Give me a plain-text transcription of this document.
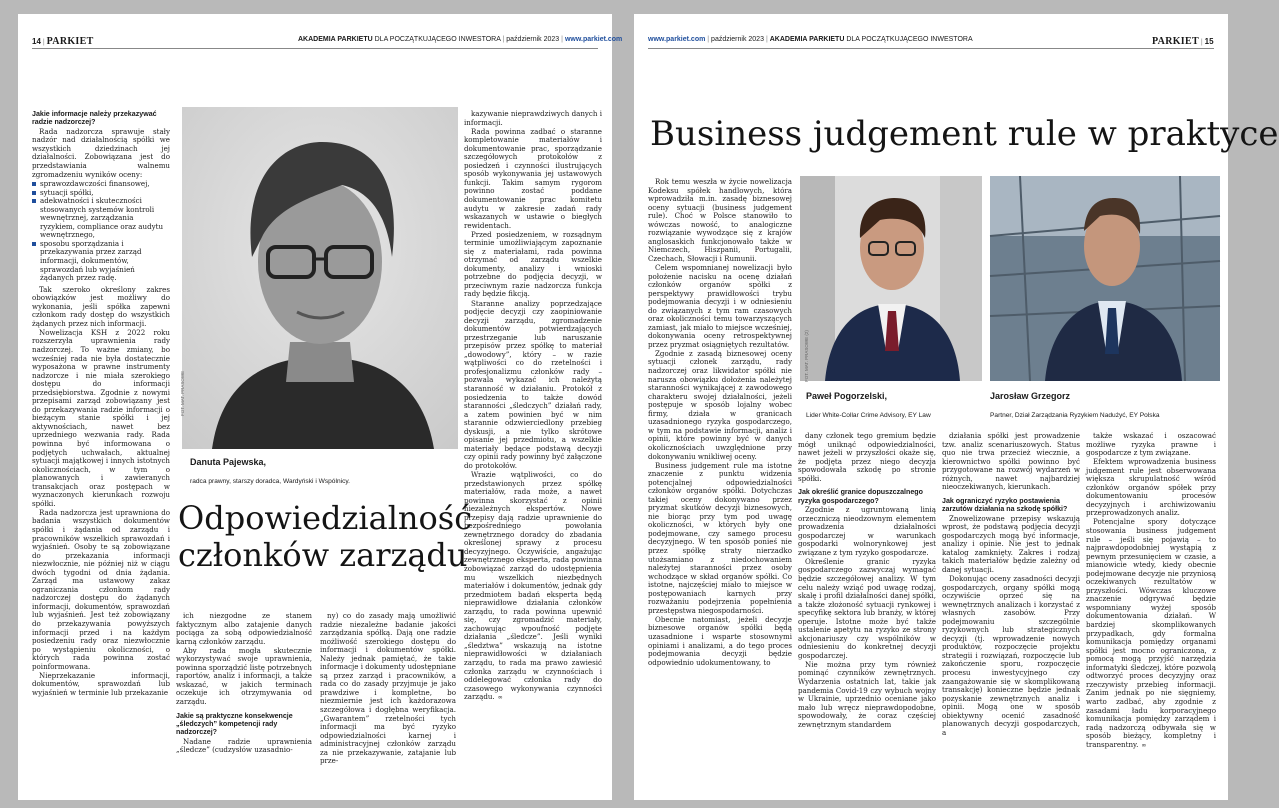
14 | PARKIET	AKADEMIA PARKIETU DLA POCZĄTKUJĄCEGO INWESTORA | październik 2023 | www.parkiet.com
Jakie informacje należy przekazywać radzie nadzorczej?

Rada nadzorcza sprawuje stały nadzór nad działalnością spółki we wszystkich dziedzinach jej działalności. Zobowiązana jest do przedstawiania walnemu zgromadzeniu wyników oceny:

sprawozdawczości finansowej,
sytuacji spółki,
adekwatności i skuteczności stosowanych systemów kontroli wewnętrznej, zarządzania ryzykiem, compliance oraz audytu wewnętrznego,
sposobu sporządzania i przekazywania przez zarząd informacji, dokumentów, sprawozdań lub wyjaśnień żądanych przez radę.

Tak szeroko określony zakres obowiązków jest możliwy do wykonania, jeśli spółka zapewni członkom rady dostęp do wszystkich żądanych przez nich informacji.

Nowelizacja KSH z 2022 roku rozszerzyła uprawnienia rady nadzorczej. To ważne zmiany, bo wcześniej rada nie była dostatecznie wyposażona w prawne instrumenty nadzorcze i nie miała szerokiego dostępu do informacji przedsiębiorstwa. Zgodnie z nowymi przepisami zarząd zobowiązany jest do przekazywania radzie informacji o bieżącym stanie spółki i jej aktywnościach, nawet bez uprzedniego wezwania rady. Rada powinna być informowana o podjętych uchwałach, aktualnej sytuacji majątkowej i innych istotnych okolicznościach, w tym o planowanych i zawieranych transakcjach oraz postępach w wyznaczonych kierunkach rozwoju spółki.

Rada nadzorcza jest uprawniona do badania wszystkich dokumentów spółki i żądania od zarządu i pracowników wszelkich sprawozdań i wyjaśnień. Osoby te są zobowiązane do przekazania informacji niezwłocznie, nie później niż w ciągu dwóch tygodni od dnia żądania. Zarząd ma ustawowy zakaz ograniczania członkom rady nadzorczej dostępu do żądanych informacji, dokumentów, sprawozdań lub wyjaśnień. Jest też zobowiązany do przekazywania powyższych informacji przed i na każdym posiedzeniu rady oraz niezwłocznie po wystąpieniu okoliczności, o których rada powinna zostać poinformowana.

Nieprzekazanie informacji, dokumentów, sprawozdań lub wyjaśnień w terminie lub przekazanie

FOT. MAT. PRASOWE
Danuta Pajewska,
radca prawny, starszy doradca, Wardyński i Wspólnicy.
Odpowiedzialność
członków zarządu

ich niezgodne ze stanem faktycznym albo zatajenie danych pociąga za sobą odpowiedzialność karną członków zarządu.

Aby rada mogła skutecznie wykorzystywać swoje uprawnienia, powinna sporządzić listę potrzebnych raportów, analiz i informacji, a także wskazać, w jakich terminach oczekuje ich otrzymywania od zarządu.

Jakie są praktyczne konsekwencje „śledczych” kompetencji rady nadzorczej?

Nadane radzie uprawnienia „śledcze” (cudzysłów uzasadnio-

ny) co do zasady mają umożliwić radzie niezależne badanie jakości zarządzania spółką. Dają one radzie możliwość szerokiego dostępu do informacji i dokumentów spółki. Należy jednak pamiętać, że takie informacje i dokumenty udostępniane są przez zarząd i pracowników, a rada co do zasady przyjmuje je jako prawdziwe i kompletne, bo niezmiernie jest ich każdorazowa szczegółowa i dogłębna weryfikacja. „Gwarantem” rzetelności tych informacji ma być ryzyko odpowiedzialności karnej i administracyjnej członków zarządu za nie przekazywanie, zatajanie lub prze-

kazywanie nieprawdziwych danych i informacji.

Rada powinna zadbać o staranne kompletowanie materiałów i dokumentowanie prac, sporządzanie szczegółowych protokołów z posiedzeń i czynności ilustrujących sposób wykonywania jej ustawowych funkcji. Takim samym rygorom powinno zostać poddane dokumentowanie prac komitetu audytu w zakresie zadań rady wskazanych w ustawie o biegłych rewidentach.

Przed posiedzeniem, w rozsądnym terminie umożliwiającym zapoznanie się z materiałami, rada powinna otrzymać od zarządu wszelkie dokumenty, analizy i wnioski potrzebne do podjęcia decyzji, w przeciwnym razie nadzorcza funkcja rady będzie fikcją.

Staranne analizy poprzedzające podjęcie decyzji czy zaopiniowanie decyzji zarządu, zgromadzenie dokumentów potwierdzających przestrzeganie lub naruszanie przepisów przez spółkę to materiał „dowodowy”, który – w razie wątpliwości co do rzetelności i profesjonalizmu członków rady – pozwala wykazać ich należytą staranność w działaniu. Protokół z posiedzenia to także dowód staranności „śledczych” działań rady, a zatem powinien być w nim starannie odzwierciedlony przebieg dyskusji, a nie tylko skrótowe opisanie jej przedmiotu, a wszelkie materiały będące podstawą decyzji czy opinii rady powinny być załączone do protokołów.

Wrazie wątpliwości, co do przedstawionych przez spółkę materiałów, rada może, a nawet powinna skorzystać z opinii niezależnych ekspertów. Nowe przepisy dają radzie uprawnienie do bezpośredniego powołania zewnętrznego doradcy do zbadania określonej sprawy z procesu decyzyjnego. Oczywiście, angażując zewnętrznego eksperta, rada powinna zobowiązać zarząd do udostępnienia mu wszelkich niezbędnych materiałów i dokumentów, jednak gdy przedmiotem badań eksperta będą nieprawidłowe działania członków zarządu, to rada powinna upewnić się, czy zgromadzić materiały, zachowując wpoufność podjęte działania „śledcze”. Jeśli wyniki „śledztwa” wskazują na istotne nieprawidłowości w działaniach zarządu, to rada ma prawo zawiesić członka zarządu w czynnościach i oddelegować członka rady do czasowego wykonywania czynności zarządu. ∞

www.parkiet.com | październik 2023 | AKADEMIA PARKIETU DLA POCZĄTKUJĄCEGO INWESTORA	PARKIET | 15
Business judgement rule w praktyce
FOT. MAT. PRASOWE (2)
Paweł Pogorzelski,
Lider White-Collar Crime Advisory, EY Law
Jarosław Grzegorz
Partner, Dział Zarządzania Ryzykiem Nadużyć, EY Polska

Rok temu weszła w życie nowelizacja Kodeksu spółek handlowych, która wprowadziła m.in. zasadę biznesowej oceny sytuacji (business judgement rule). Choć w Polsce stanowiło to wówczas nowość, to analogiczne rozwiązanie wywodzące się z krajów anglosaskich funkcjonowało także w Niemczech, Hiszpanii, Portugalii, Czechach, Słowacji i Rumunii.

Celem wspomnianej nowelizacji było położenie nacisku na ocenę działań członków organów spółki z perspektywy prawidłowości trybu podejmowania decyzji i w odniesieniu do związanych z tym ram czasowych oraz okoliczności temu towarzyszących zamiast, jak miało to miejsce wcześniej, dokonywania oceny retrospektywnej przez pryzmat osiągniętych rezultatów.

Zgodnie z zasadą biznesowej oceny sytuacji członek zarządu, rady nadzorczej oraz likwidator spółki nie narusza obowiązku dołożenia należytej staranności wynikającej z zawodowego charakteru swojej działalności, jeżeli postępuje w sposób lojalny wobec firmy, działa w granicach uzasadnionego ryzyka gospodarczego, w tym na podstawie informacji, analiz i opinii, które powinny być w danych okolicznościach uwzględnione przy dokonywaniu wnikliwej oceny.

Business judgement rule ma istotne znaczenie z punktu widzenia potencjalnej odpowiedzialności członków organów spółki. Dotychczas takiej oceny dokonywano przez pryzmat skutków decyzji biznesowych, nie biorąc przy tym pod uwagę okoliczności, w których były one podejmowane, czy samego procesu decyzyjnego. W ten sposób ponieś nie przez spółkę straty nierzadko utożsamiano z niedochowaniem należytej staranności przez osoby wchodzące w skład organów spółki. Co istotne, najczęściej miało to miejsce w postępowaniach karnych przy rozważaniu podejrzenia popełnienia przestępstwa niegospodarności.

Obecnie natomiast, jeżeli decyzje biznesowe organów spółki będą uzasadnione i wsparte stosownymi opiniami i analizami, a do tego proces podejmowania decyzji będzie odpowiednio udokumentowany, to

dany członek tego gremium będzie mógł uniknąć odpowiedzialności, nawet jeżeli w przyszłości okaże się, że podjęta przez niego decyzja spowodowała szkodę po stronie spółki.

Jak określić granice dopuszczalnego ryzyka gospodarczego?

Zgodnie z ugruntowaną linią orzeczniczą nieodzownym elementem prowadzenia działalności gospodarczej w warunkach gospodarki wolnorynkowej jest związane z tym ryzyko gospodarcze.

Określenie granic ryzyka gospodarczego zazwyczaj wymagać będzie szczegółowej analizy. W tym celu należy wziąć pod uwagę rodzaj, skalę i profil działalności danej spółki, a także złożoność sytuacji rynkowej i specyfikę sektora lub branży, w której operuje. Istotne może być także ustalenie apetytu na ryzyko ze strony akcjonariuszy czy wspólników w odniesieniu do konkretnej decyzji gospodarczej.

Nie można przy tym również pominąć czynników zewnętrznych. Wydarzenia ostatnich lat, takie jak pandemia Covid-19 czy wybuch wojny w Ukrainie, uprzednio oceniane jako mało lub wręcz nieprawdopodobne, spowodowały, że coraz częściej zewnętrznym standardem

działania spółki jest prowadzenie tzw. analiz scenariuszowych. Status quo nie trwa przecież wiecznie, a kierownictwo spółki powinno być przygotowane na rozwój wydarzeń w różnych, nawet najbardziej nieoczekiwanych, kierunkach.

Jak ograniczyć ryzyko postawienia zarzutów działania na szkodę spółki?

Znowelizowane przepisy wskazują wprost, że podstawą podjęcia decyzji gospodarczych mogą być informacje, analizy i opinie. Nie jest to jednak katalog zamknięty. Zakres i rodzaj takich materiałów będzie zależny od danej sytuacji.

Dokonując oceny zasadności decyzji gospodarczych, organy spółki mogą oczywiście oprzeć się na wewnętrznych analizach i korzystać z własnych zasobów. Przy podejmowaniu szczególnie ryzykownych lub strategicznych decyzji (tj. wprowadzenie nowych produktów, rozpoczęcie projektu strategii i rozwiązań, rozpoczęcie lub zakończenie sporu, rozpoczęcie procesu inwestycyjnego czy zaangażowanie się w skomplikowaną transakcję) konieczne będzie jednak pozyskanie zewnętrznych analiz i opinii. Mogą one w sposób obiektywny ocenić zasadność planowanych decyzji gospodarczych, a

także wskazać i oszacować możliwe ryzyka prawne i gospodarcze z tym związane.

Efektem wprowadzenia business judgement rule jest obserwowana większa skrupulatność wśród członków organów spółek przy dokumentowaniu procesów decyzyjnych i archiwizowaniu przeprowadzonych analiz.

Potencjalne spory dotyczące stosowania business judgement rule – jeśli się pojawią – to najprawdopodobniej wystąpią z pewnym przesunięciem w czasie, a mianowicie wtedy, kiedy obecnie podejmowane decyzje nie przyniosą oczekiwanych rezultatów w przyszłości. Wówczas kluczowe znaczenie odgrywać będzie wspomniany wyżej sposób dokumentowania działań. W bardziej skomplikowanych przypadkach, gdy formalna komunikacja pomiędzy organami spółki jest mocno ograniczona, z pomocą mogą przyjść narzędzia informatyki śledczej, które pozwolą odtworzyć proces decyzyjny oraz rzeczywisty przebieg informacji. Zanim jednak po nie sięgniemy, warto zadbać, aby zgodnie z zasadami ładu korporacyjnego komunikacja pomiędzy zarządem i radą nadzorczą odbywała się w sposób bieżący, kompletny i transparentny. ∞
